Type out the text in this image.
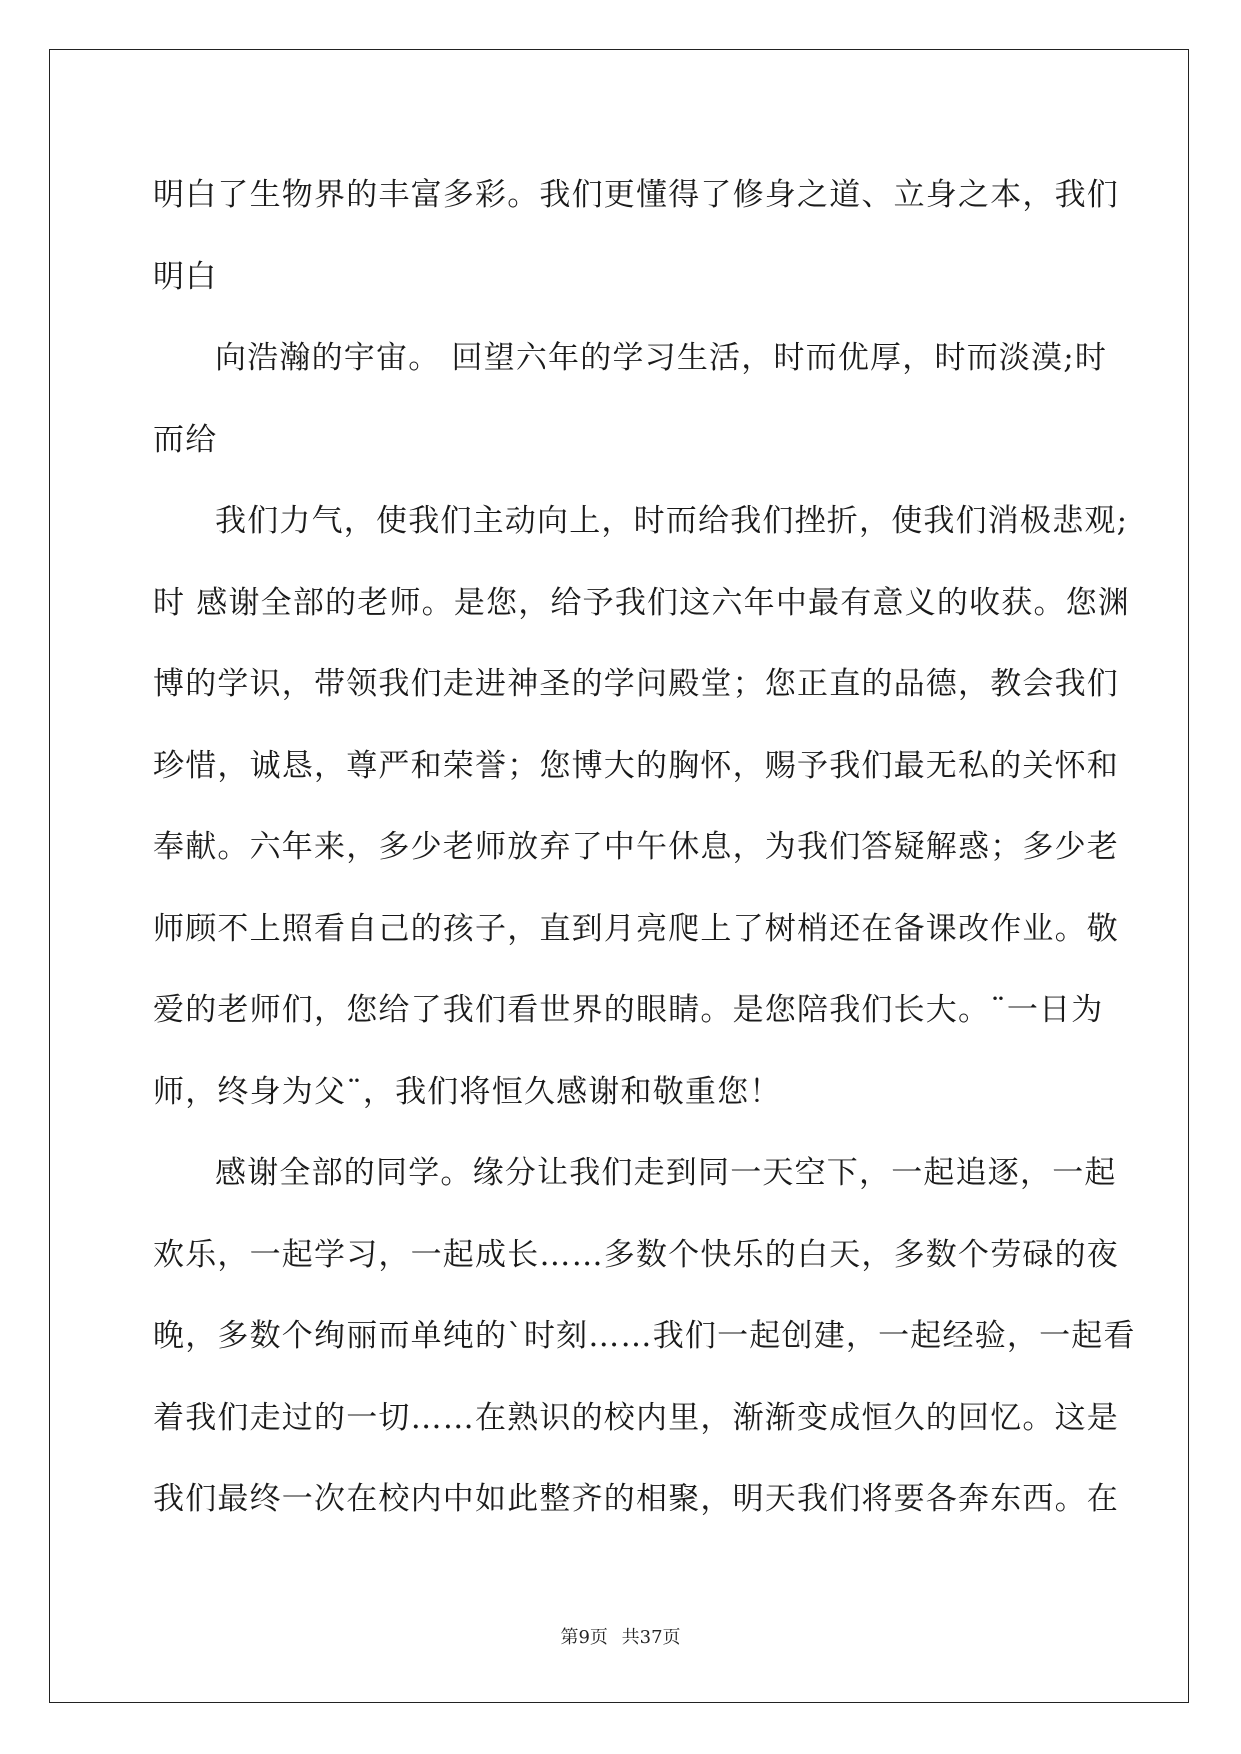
明白了生物界的丰富多彩。我们更懂得了修身之道、立身之本，我们
明白
向浩瀚的宇宙。 回望六年的学习生活，时而优厚，时而淡漠;时
而给
我们力气，使我们主动向上，时而给我们挫折，使我们消极悲观;
时 感谢全部的老师。是您，给予我们这六年中最有意义的收获。您渊
博的学识，带领我们走进神圣的学问殿堂；您正直的品德，教会我们
珍惜，诚恳，尊严和荣誉；您博大的胸怀，赐予我们最无私的关怀和
奉献。六年来，多少老师放弃了中午休息，为我们答疑解惑；多少老
师顾不上照看自己的孩子，直到月亮爬上了树梢还在备课改作业。敬
爱的老师们，您给了我们看世界的眼睛。是您陪我们长大。¨一日为
师，终身为父¨，我们将恒久感谢和敬重您！
感谢全部的同学。缘分让我们走到同一天空下，一起追逐，一起
欢乐，一起学习，一起成长……多数个快乐的白天，多数个劳碌的夜
晚，多数个绚丽而单纯的`时刻……我们一起创建，一起经验，一起看
着我们走过的一切……在熟识的校内里，渐渐变成恒久的回忆。这是
我们最终一次在校内中如此整齐的相聚，明天我们将要各奔东西。在
第9页 共37页
